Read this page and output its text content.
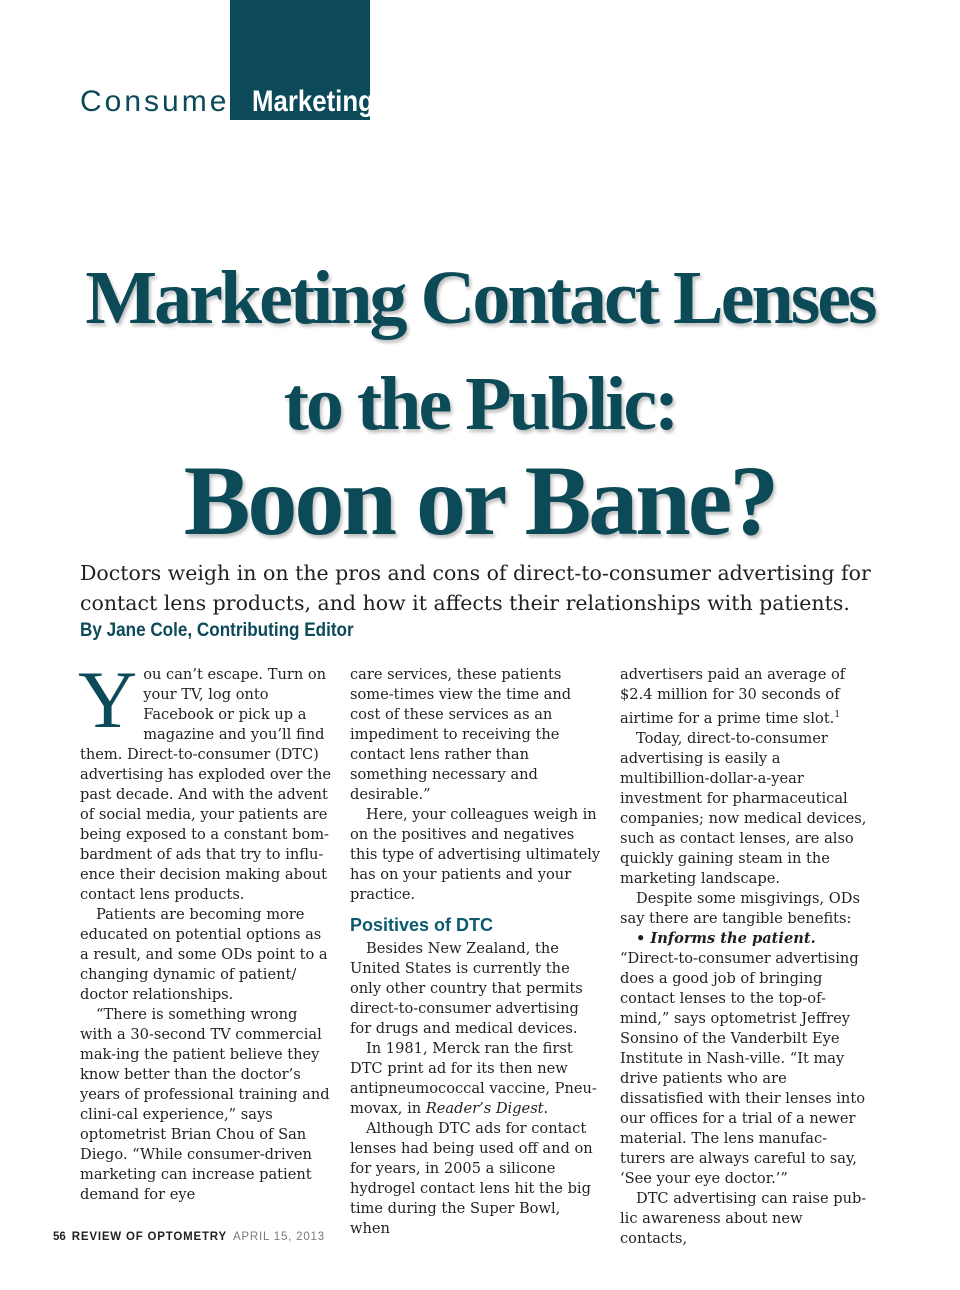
Consumer Marketing
Marketing Contact Lenses
to the Public:
Boon or Bane?
Doctors weigh in on the pros and cons of direct-to-consumer advertising for contact lens products, and how it affects their relationships with patients.
By Jane Cole, Contributing Editor
Y ou can’t escape. Turn on your TV, log onto Facebook or pick up a magazine and you’ll find them. Direct-to-consumer (DTC) advertising has exploded over the past decade. And with the advent of social media, your patients are being exposed to a constant bom-bardment of ads that try to influ-ence their decision making about contact lens products.

Patients are becoming more educated on potential options as a result, and some ODs point to a changing dynamic of patient/ doctor relationships.

“There is something wrong with a 30-second TV commercial mak-ing the patient believe they know better than the doctor’s years of professional training and clini-cal experience,” says optometrist Brian Chou of San Diego. “While consumer-driven marketing can increase patient demand for eye

care services, these patients some-times view the time and cost of these services as an impediment to receiving the contact lens rather than something necessary and desirable.”

Here, your colleagues weigh in on the positives and negatives this type of advertising ultimately has on your patients and your practice.

Positives of DTC

Besides New Zealand, the United States is currently the only other country that permits direct-to-consumer advertising for drugs and medical devices.

In 1981, Merck ran the first DTC print ad for its then new antipneumococcal vaccine, Pneu-movax, in Reader’s Digest.

Although DTC ads for contact lenses had being used off and on for years, in 2005 a silicone hydrogel contact lens hit the big time during the Super Bowl, when

advertisers paid an average of $2.4 million for 30 seconds of airtime for a prime time slot.$^1$

Today, direct-to-consumer advertising is easily a multibillion-dollar-a-year investment for pharmaceutical companies; now medical devices, such as contact lenses, are also quickly gaining steam in the marketing landscape.

Despite some misgivings, ODs say there are tangible benefits:

• Informs the patient. “Direct-to-consumer advertising does a good job of bringing contact lenses to the top-of-mind,” says optometrist Jeffrey Sonsino of the Vanderbilt Eye Institute in Nash-ville. “It may drive patients who are dissatisfied with their lenses into our offices for a trial of a newer material. The lens manufac-turers are always careful to say, ‘See your eye doctor.’”

DTC advertising can raise pub-lic awareness about new contacts,

56 REVIEW OF OPTOMETRY APRIL 15, 2013
